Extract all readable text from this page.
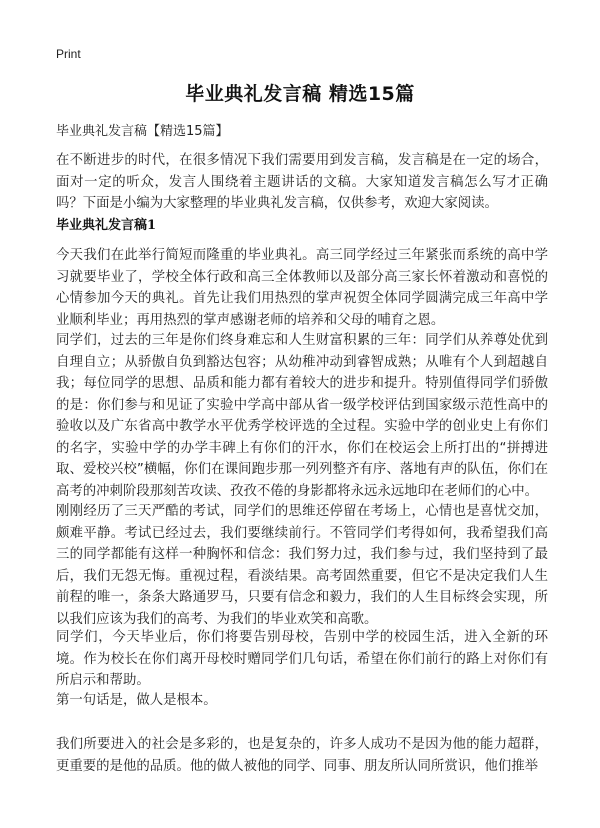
Print
毕业典礼发言稿 精选15篇
毕业典礼发言稿【精选15篇】

在不断进步的时代，在很多情况下我们需要用到发言稿，发言稿是在一定的场合，面对一定的听众，发言人围绕着主题讲话的文稿。大家知道发言稿怎么写才正确吗？下面是小编为大家整理的毕业典礼发言稿，仅供参考，欢迎大家阅读。

毕业典礼发言稿1

今天我们在此举行简短而隆重的毕业典礼。高三同学经过三年紧张而系统的高中学习就要毕业了，学校全体行政和高三全体教师以及部分高三家长怀着激动和喜悦的心情参加今天的典礼。首先让我们用热烈的掌声祝贺全体同学圆满完成三年高中学业顺利毕业；再用热烈的掌声感谢老师的培养和父母的哺育之恩。

同学们，过去的三年是你们终身难忘和人生财富积累的三年：同学们从养尊处优到自理自立；从骄傲自负到豁达包容；从幼稚冲动到睿智成熟；从唯有个人到超越自我；每位同学的思想、品质和能力都有着较大的进步和提升。特别值得同学们骄傲的是：你们参与和见证了实验中学高中部从省一级学校评估到国家级示范性高中的验收以及广东省高中教学水平优秀学校评选的全过程。实验中学的创业史上有你们的名字，实验中学的办学丰碑上有你们的汗水，你们在校运会上所打出的“拼搏进取、爱校兴校”横幅，你们在课间跑步那一列列整齐有序、落地有声的队伍，你们在高考的冲刺阶段那刻苦攻读、孜孜不倦的身影都将永远永远地印在老师们的心中。

刚刚经历了三天严酷的考试，同学们的思维还停留在考场上，心情也是喜忧交加，颇难平静。考试已经过去，我们要继续前行。不管同学们考得如何，我希望我们高三的同学都能有这样一种胸怀和信念：我们努力过，我们参与过，我们坚持到了最后，我们无怨无悔。重视过程，看淡结果。高考固然重要，但它不是决定我们人生前程的唯一，条条大路通罗马，只要有信念和毅力，我们的人生目标终会实现，所以我们应该为我们的高考、为我们的毕业欢笑和高歌。

同学们，今天毕业后，你们将要告别母校，告别中学的校园生活，进入全新的环境。作为校长在你们离开母校时赠同学们几句话，希望在你们前行的路上对你们有所启示和帮助。

第一句话是，做人是根本。

我们所要进入的社会是多彩的，也是复杂的，许多人成功不是因为他的能力超群，更重要的是他的品质。他的做人被他的同学、同事、朋友所认同所赏识，他们推举
